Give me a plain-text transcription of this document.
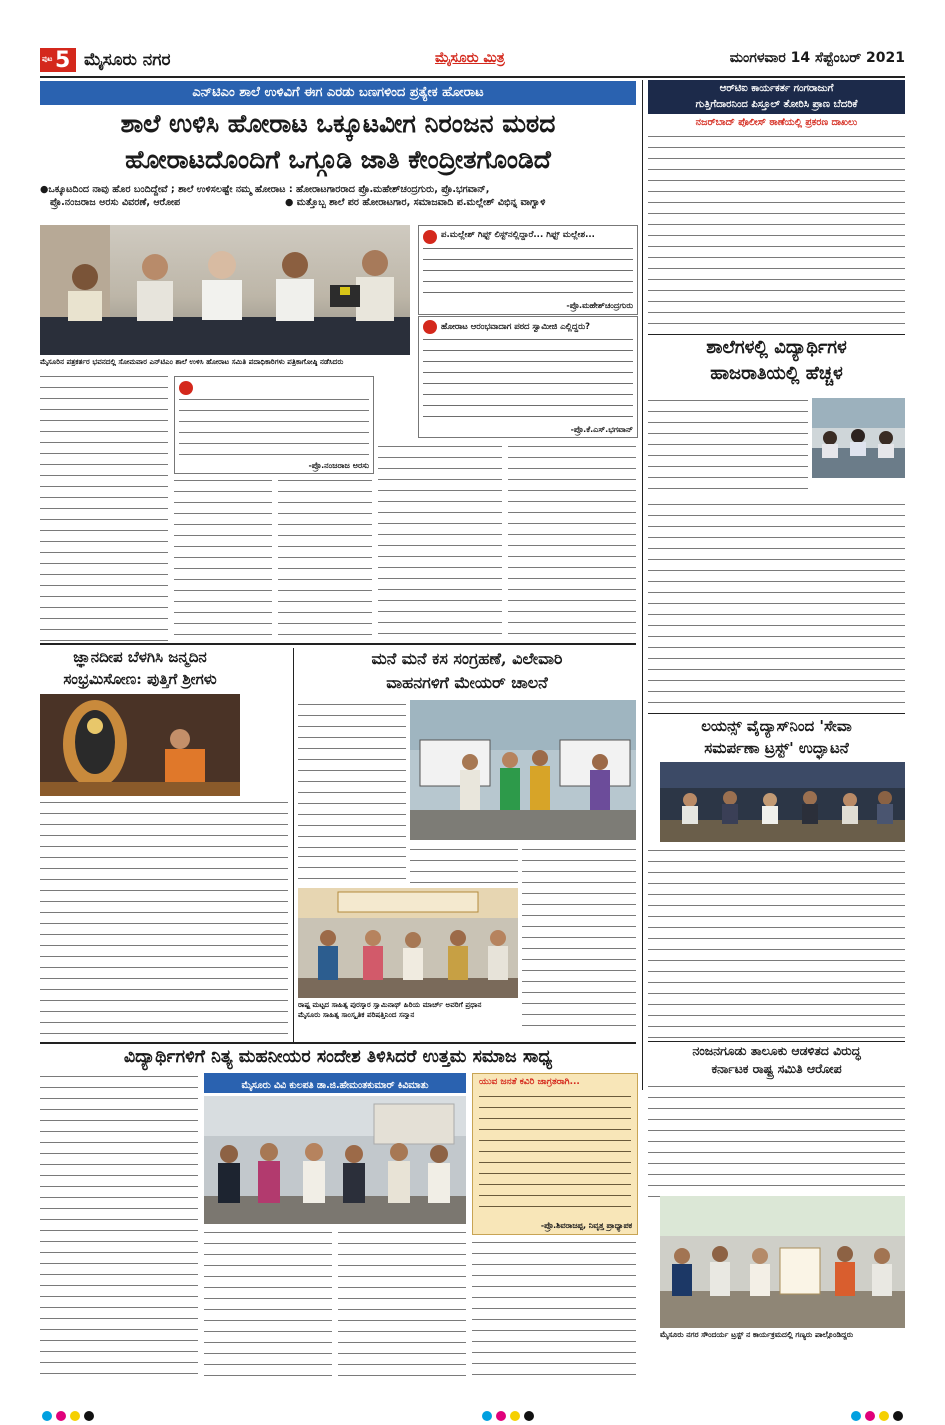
ಪುಟ 5 ಮೈಸೂರು ನಗರ	ಮೈಸೂರು ಮಿತ್ರ	ಮಂಗಳವಾರ 14 ಸೆಪ್ಟೆಂಬರ್ 2021
ಎನ್‌ಟಿಎಂ ಶಾಲೆ ಉಳಿವಿಗೆ ಈಗ ಎರಡು ಬಣಗಳಿಂದ ಪ್ರತ್ಯೇಕ ಹೋರಾಟ
ಶಾಲೆ ಉಳಿಸಿ ಹೋರಾಟ ಒಕ್ಕೂಟವೀಗ ನಿರಂಜನ ಮಠದ
ಹೋರಾಟದೊಂದಿಗೆ ಒಗ್ಗೂಡಿ ಜಾತಿ ಕೇಂದ್ರೀತಗೊಂಡಿದೆ
●ಒಕ್ಕೂಟದಿಂದ ನಾವು ಹೊರ ಬಂದಿದ್ದೇವೆ ; ಶಾಲೆ ಉಳಿಸಲಷ್ಟೇ ನಮ್ಮ ಹೋರಾಟ : ಹೋರಾಟಗಾರರಾದ ಪ್ರೊ.ಮಹೇಶ್‌ಚಂದ್ರಗುರು, ಪ್ರೊ.ಭಗವಾನ್,
ಪ್ರೊ.ನಂಜರಾಜ ಅರಸು ವಿವರಣೆ, ಆರೋಪ	● ಮತ್ತೊಬ್ಬ ಶಾಲೆ ಪರ ಹೋರಾಟಗಾರ, ಸಮಾಜವಾದಿ ಪ.ಮಲ್ಲೇಶ್ ವಿಭಿನ್ನ ವಾಗ್ವಾಳಿ
ಮೈಸೂರಿನ ಪತ್ರಕರ್ತರ ಭವನದಲ್ಲಿ ಸೋಮವಾರ ಎನ್‌ಟಿಎಂ ಶಾಲೆ ಉಳಿಸಿ ಹೋರಾಟ ಸಮಿತಿ ಪದಾಧಿಕಾರಿಗಳು ಪತ್ರಿಕಾಗೋಷ್ಠಿ ನಡೆಸಿದರು
ಪ.ಮಲ್ಲೇಶ್ ಗಿಫ್ಟ್ ಲಿಸ್ಟ್‌ನಲ್ಲಿದ್ದಾರೆ... ಗಿಫ್ಟ್ ಮಲ್ಲೇಶ...
-ಪ್ರೊ.ಮಹೇಶ್‌ಚಂದ್ರಗುರು
ಹೋರಾಟ ಆರಂಭವಾದಾಗ ಪಠದ ಸ್ವಾಮೀಜಿ ಎಲ್ಲಿದ್ದರು?
-ಪ್ರೊ.ಕೆ.ಎಸ್.ಭಗವಾನ್
-ಪ್ರೊ.ನಂಜರಾಜ ಅರಸು
ಆರ್‌ಟಿಐ ಕಾರ್ಯಕರ್ತ ಗಂಗರಾಜುಗೆ
ಗುತ್ತಿಗೆದಾರನಿಂದ ಪಿಸ್ತೂಲ್ ತೋರಿಸಿ ಪ್ರಾಣ ಬೆದರಿಕೆ
ನಜರ್‌ಬಾದ್ ಪೊಲೀಸ್ ಠಾಣೆಯಲ್ಲಿ ಪ್ರಕರಣ ದಾಖಲು
ಶಾಲೆಗಳಲ್ಲಿ ವಿದ್ಯಾರ್ಥಿಗಳ
ಹಾಜರಾತಿಯಲ್ಲಿ ಹೆಚ್ಚಳ
ಲಯನ್ಸ್ ವೈದ್ಯಾಸ್‌ನಿಂದ 'ಸೇವಾ
ಸಮರ್ಪಣಾ ಟ್ರಸ್ಟ್' ಉದ್ಘಾಟನೆ
ನಂಜನಗೂಡು ತಾಲೂಕು ಆಡಳಿತದ ವಿರುದ್ಧ
ಕರ್ನಾಟಕ ರಾಷ್ಟ್ರ ಸಮಿತಿ ಆರೋಪ
ಮೈಸೂರು ನಗರ ಸೌಂದರ್ಯ ಟ್ರಸ್ಟ್ ನ ಕಾರ್ಯಕ್ರಮದಲ್ಲಿ ಗಣ್ಯರು ಪಾಲ್ಗೊಂಡಿದ್ದರು
ಜ್ಞಾನದೀಪ ಬೆಳಗಿಸಿ ಜನ್ಮದಿನ
ಸಂಭ್ರಮಿಸೋಣ: ಪುತ್ತಿಗೆ ಶ್ರೀಗಳು
ಮನೆ ಮನೆ ಕಸ ಸಂಗ್ರಹಣೆ, ವಿಲೇವಾರಿ
ವಾಹನಗಳಿಗೆ ಮೇಯರ್ ಚಾಲನೆ
ರಾಷ್ಟ್ರ ಮಟ್ಟದ ಸಾಹಿತ್ಯ ಪುರಸ್ಕಾರ ಸ್ವಾಮಿನಾಥ್ ಹಿರಿಯ ಮಾರ್ಚ್ ಅವರಿಗೆ ಪ್ರಧಾನ
ಮೈಸೂರು ಸಾಹಿತ್ಯ ಸಾಂಸ್ಕೃತಿಕ ಪರಿಷತ್ತಿನಿಂದ ಸನ್ಮಾನ
ವಿದ್ಯಾರ್ಥಿಗಳಿಗೆ ನಿತ್ಯ ಮಹನೀಯರ ಸಂದೇಶ ತಿಳಿಸಿದರೆ ಉತ್ತಮ ಸಮಾಜ ಸಾಧ್ಯ
ಮೈಸೂರು ವಿವಿ ಕುಲಪತಿ ಡಾ.ಜಿ.ಹೇಮಂತಕುಮಾರ್ ಕಿವಿಮಾತು	ಯುವ ಜನತೆ ಕವಿರಿ ಜಾಗ್ರತರಾಗಿ...
-ಪ್ರೊ.ಶಿವರಾಜಪ್ಪ, ನಿವೃತ್ತ ಪ್ರಾಧ್ಯಾಪಕ
